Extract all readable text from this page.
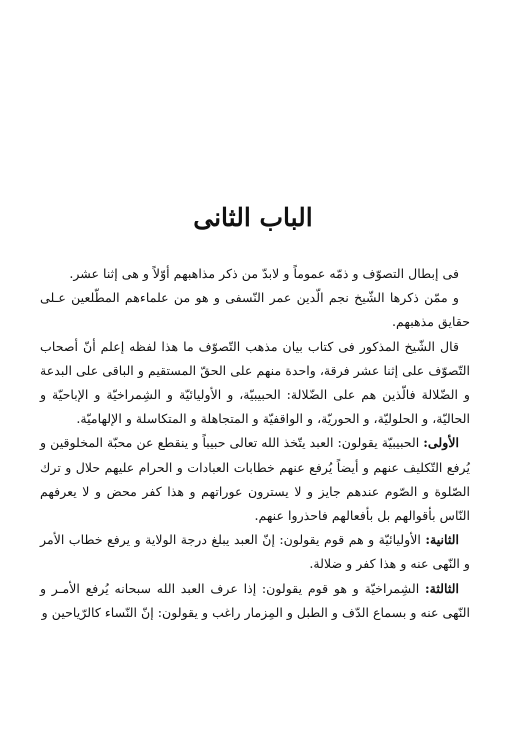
الباب الثانى

فى إبطال التصوّف و ذمّه عموماً و لابدّ من ذكر مذاهبهم أوّلاً و هى إثنا عشر.

و ممّن ذكرها الشّيخ نجم الّدين عمر النّسفى و هو من علماءهم المطّلعين عـلى حقايق مذهبهم.

قال الشّيخ المذكور فى كتاب بيان مذهب التّصوّف ما هذا لفظه إعلم أنّ أصحاب التّصوّف على إثنا عشر فرقة، واحدة منهم على الحقّ المستقيم و الباقى على البدعة و الضّلالة فالّذين هم على الضّلالة: الحبيبيّة، و الأوليائيّة و الشِمراخيّة و الإباحيّة و الحاليّة، و الحلوليّة، و الحوريّة، و الواقفيّة و المتجاهلة و المتكاسلة و الإلهاميّة.

الأولى: الحبيبيّة يقولون: العبد يتّخذ الله تعالى حبيباً و ينقطع عن محبّة المخلوقين و يُرفع التّكليف عنهم و أيضاً يُرفع عنهم خطابات العبادات و الحرام عليهم حلال و ترك الصّلوة و الصّوم عندهم جايز و لا يسترون عوراتهم و هذا كفر محض و لا يعرفهم النّاس بأقوالهم بل بأفعالهم فاحذروا عنهم.

الثانية: الأوليائيّة و هم قوم يقولون: إنّ العبد يبلغ درجة الولاية و يرفع خطاب الأمر و النّهى عنه و هذا كفر و ضلالة.

الثالثة: الشِمراخيّة و هو قوم يقولون: إذا عرف العبد الله سبحانه يُرفع الأمـر و النّهى عنه و بسماع الدّف و الطبل و المِزمار راغب و يقولون: إنّ النّساء كالرّياحين و
